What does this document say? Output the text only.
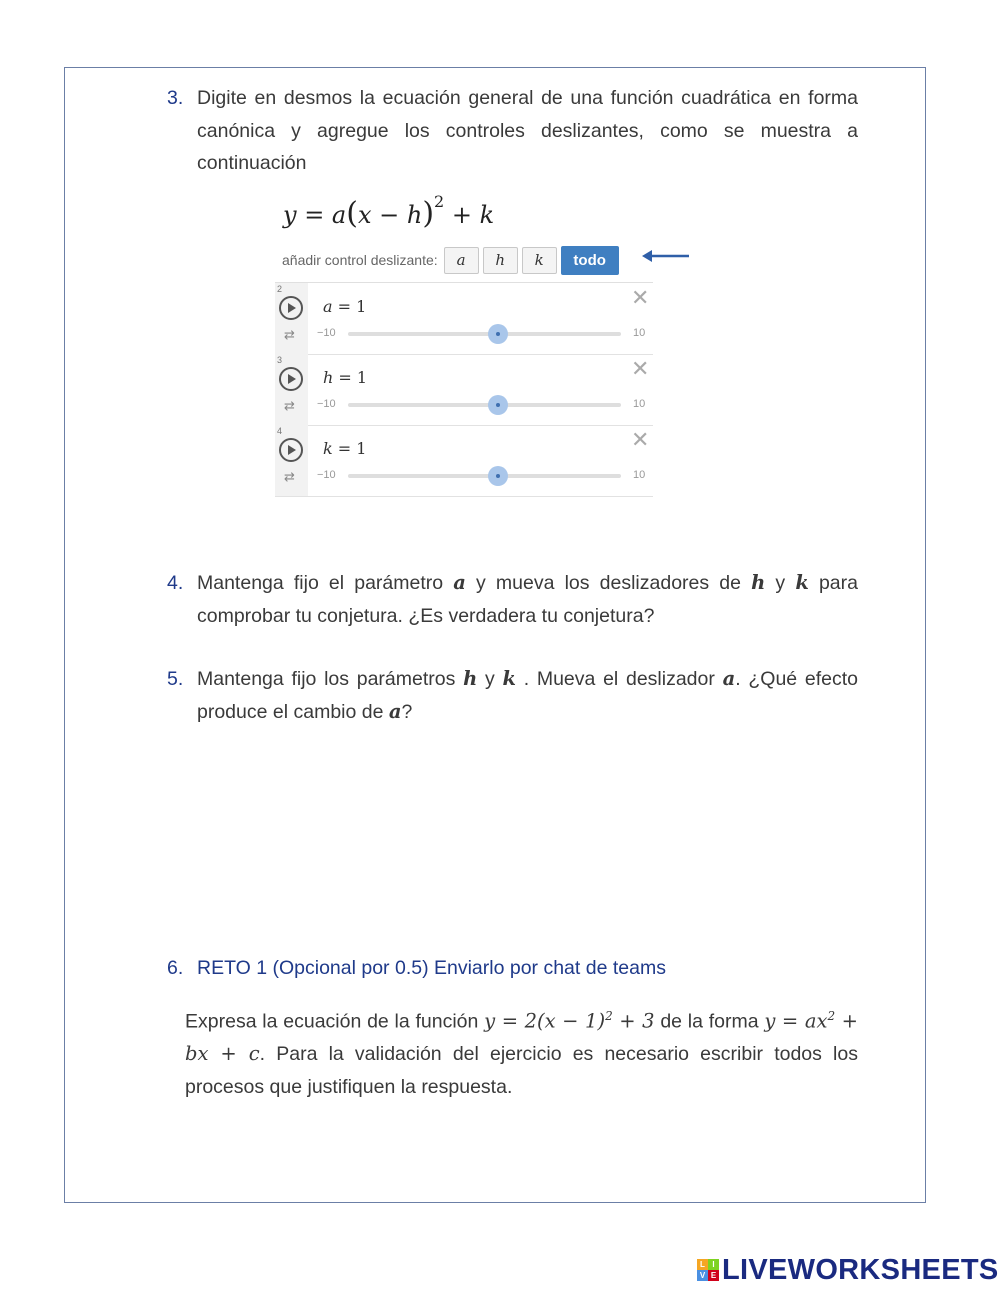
3. Digite en desmos la ecuación general de una función cuadrática en forma canónica y agregue los controles deslizantes, como se muestra a continuación
$y = a(x - h)^2 + k$
añadir control deslizante:	a	h	k	todo
2
⇄
a = 1	✕
−10	10
3
⇄
h = 1	✕
−10	10
4
⇄
k = 1	✕
−10	10
4. Mantenga fijo el parámetro a y mueva los deslizadores de h y k para comprobar tu conjetura. ¿Es verdadera tu conjetura?
5. Mantenga fijo los parámetros h y k . Mueva el deslizador a. ¿Qué efecto produce el cambio de a?
6. RETO 1 (Opcional por 0.5) Enviarlo por chat de teams
Expresa la ecuación de la función $y = 2(x - 1)^2 + 3$ de la forma $y = ax^2$ + bx + c. Para la validación del ejercicio es necesario escribir todos los procesos que justifiquen la respuesta.
L I
V E LIVEWORKSHEETS
